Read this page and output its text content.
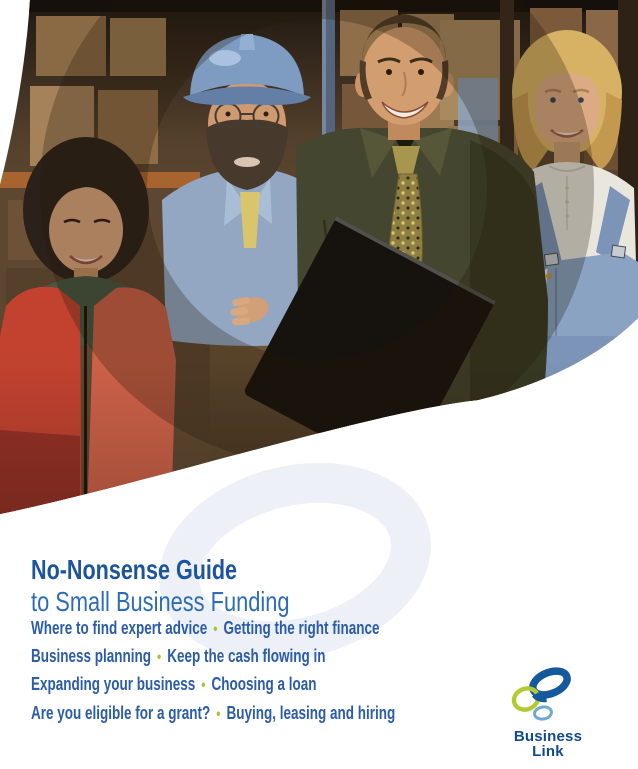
No-Nonsense Guide
to Small Business Funding
Where to find expert advice • Getting the right finance
Business planning • Keep the cash flowing in
Expanding your business • Choosing a loan
Are you eligible for a grant? • Buying, leasing and hiring
Business
Link
